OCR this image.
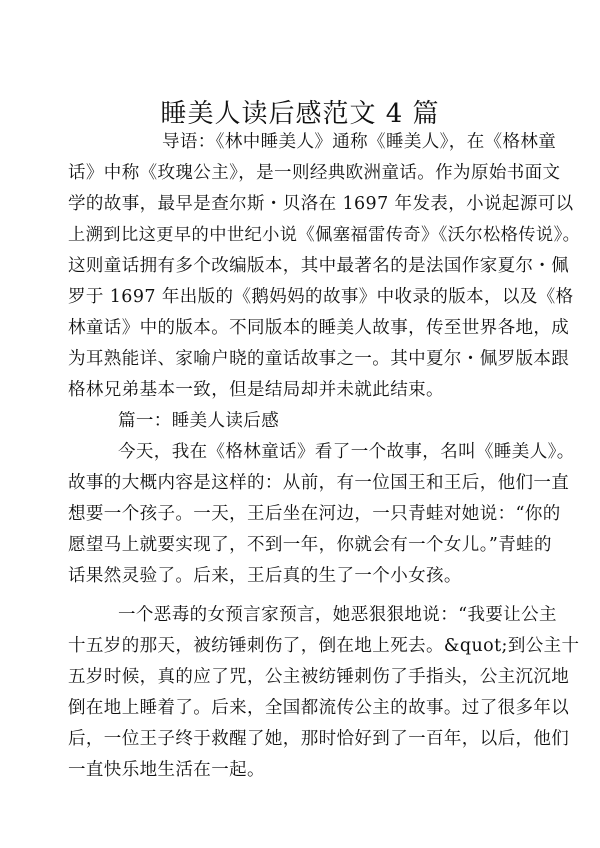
睡美人读后感范文 4 篇
导语：《林中睡美人》通称《睡美人》，在《格林童
话》中称《玫瑰公主》，是一则经典欧洲童话。作为原始书面文
学的故事，最早是查尔斯・贝洛在 1697 年发表，小说起源可以
上溯到比这更早的中世纪小说《佩塞福雷传奇》《沃尔松格传说》。
这则童话拥有多个改编版本，其中最著名的是法国作家夏尔・佩
罗于 1697 年出版的《鹅妈妈的故事》中收录的版本，以及《格
林童话》中的版本。不同版本的睡美人故事，传至世界各地，成
为耳熟能详、家喻户晓的童话故事之一。其中夏尔・佩罗版本跟
格林兄弟基本一致，但是结局却并未就此结束。
篇一：睡美人读后感
今天，我在《格林童话》看了一个故事，名叫《睡美人》。
故事的大概内容是这样的：从前，有一位国王和王后，他们一直
想要一个孩子。一天，王后坐在河边，一只青蛙对她说：“你的
愿望马上就要实现了，不到一年，你就会有一个女儿。”青蛙的
话果然灵验了。后来，王后真的生了一个小女孩。
一个恶毒的女预言家预言，她恶狠狠地说：“我要让公主
十五岁的那天，被纺锤刺伤了，倒在地上死去。&quot;到公主十
五岁时候，真的应了咒，公主被纺锤刺伤了手指头，公主沉沉地
倒在地上睡着了。后来，全国都流传公主的故事。过了很多年以
后，一位王子终于救醒了她，那时恰好到了一百年，以后，他们
一直快乐地生活在一起。
